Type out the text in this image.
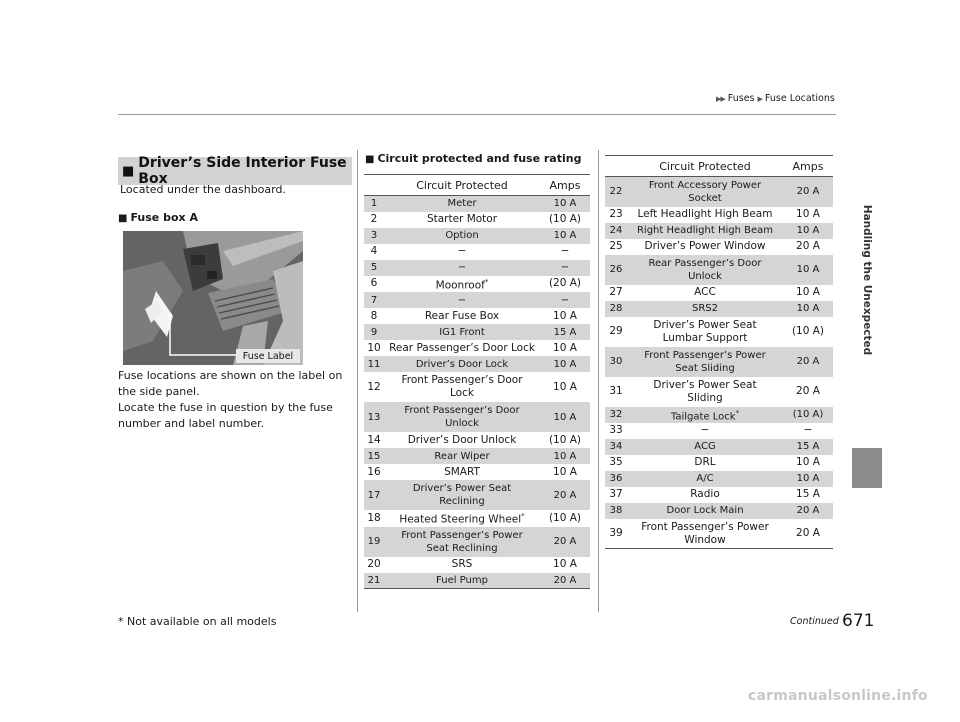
▶▶ Fuses ▶ Fuse Locations
Handling the Unexpected
■ Driver’s Side Interior Fuse Box
Located under the dashboard.
■ Fuse box A
Fuse Label
Fuse locations are shown on the label on
the side panel.
Locate the fuse in question by the fuse
number and label number.
■ Circuit protected and fuse rating
	Circuit Protected	Amps
1	Meter	10 A
2	Starter Motor	(10 A)
3	Option	10 A
4	−	−
5	−	−
6	Moonroof*	(20 A)
7	−	−
8	Rear Fuse Box	10 A
9	IG1 Front	15 A
10	Rear Passenger’s Door Lock	10 A
11	Driver’s Door Lock	10 A
12	Front Passenger’s Door Lock	10 A
13	Front Passenger’s Door Unlock	10 A
14	Driver’s Door Unlock	(10 A)
15	Rear Wiper	10 A
16	SMART	10 A
17	Driver’s Power Seat Reclining	20 A
18	Heated Steering Wheel*	(10 A)
19	Front Passenger’s Power Seat Reclining	20 A
20	SRS	10 A
21	Fuel Pump	20 A
	Circuit Protected	Amps
22	Front Accessory Power Socket	20 A
23	Left Headlight High Beam	10 A
24	Right Headlight High Beam	10 A
25	Driver’s Power Window	20 A
26	Rear Passenger’s Door Unlock	10 A
27	ACC	10 A
28	SRS2	10 A
29	Driver’s Power Seat Lumbar Support	(10 A)
30	Front Passenger’s Power Seat Sliding	20 A
31	Driver’s Power Seat Sliding	20 A
32	Tailgate Lock*	(10 A)
33	−	−
34	ACG	15 A
35	DRL	10 A
36	A/C	10 A
37	Radio	15 A
38	Door Lock Main	20 A
39	Front Passenger’s Power Window	20 A
* Not available on all models	Continued 671
carmanualsonline.info
